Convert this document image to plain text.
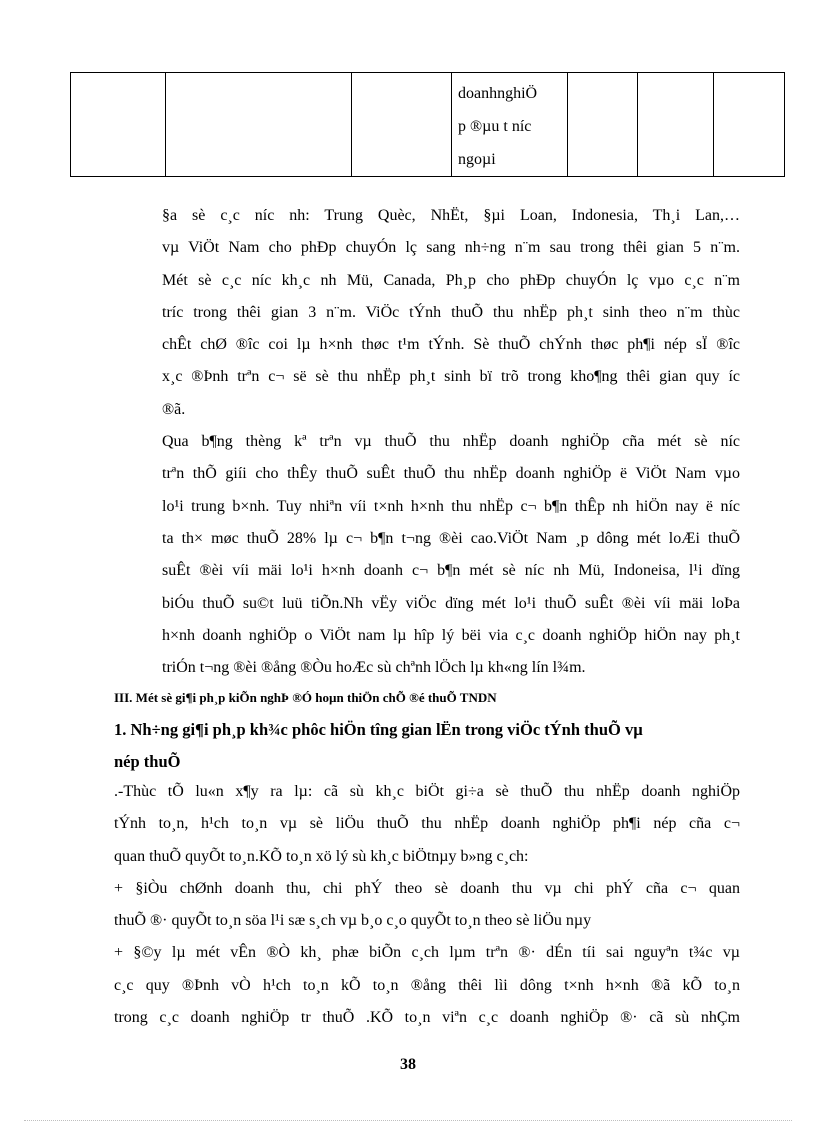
doanhnghiÖ
p ®µu t níc
ngoµi

§a sè c¸c níc nh: Trung Quèc, NhËt, §µi Loan, Indonesia, Th¸i Lan,…
vµ ViÖt Nam cho phÐp chuyÓn lç sang nh÷ng n¨m sau trong thêi gian 5 n¨m.
Mét sè c¸c níc kh¸c nh Mü, Canada, Ph¸p cho phÐp chuyÓn lç vµo c¸c n¨m
tríc trong thêi gian 3 n¨m. ViÖc tÝnh thuÕ thu nhËp ph¸t sinh theo n¨m thùc
chÊt chØ ®îc coi lµ h×nh thøc t¹m tÝnh. Sè thuÕ chÝnh thøc ph¶i nép sÏ ®îc
x¸c ®Þnh trªn c¬ së sè thu nhËp ph¸t sinh bï trõ trong kho¶ng thêi gian quy íc
®ã.
Qua b¶ng thèng kª trªn vµ thuÕ thu nhËp doanh nghiÖp cña mét sè níc
trªn thÕ giíi cho thÊy thuÕ suÊt thuÕ thu nhËp doanh nghiÖp ë ViÖt Nam vµo
lo¹i trung b×nh. Tuy nhiªn víi t×nh h×nh thu nhËp c¬ b¶n thÊp nh hiÖn nay ë níc
ta th× møc thuÕ 28% lµ c¬ b¶n t¬ng ®èi cao.ViÖt Nam ¸p dông mét loÆi thuÕ
suÊt ®èi víi mäi lo¹i h×nh doanh c¬ b¶n mét sè níc nh Mü, Indoneisa, l¹i dïng
biÓu thuÕ su©t luü tiÕn.Nh vËy viÖc dïng mét lo¹i thuÕ suÊt ®èi víi mäi loÞa
h×nh doanh nghiÖp o ViÖt nam lµ hîp lý bëi via c¸c doanh nghiÖp hiÖn nay ph¸t
triÓn t¬ng ®èi ®ång ®Òu hoÆc sù chªnh lÖch lµ kh«ng lín l¾m.
III. Mét sè gi¶i ph¸p kiÕn nghÞ ®Ó hoµn thiÖn chÕ ®é thuÕ TNDN
1. Nh÷ng gi¶i ph¸p kh¾c phôc hiÖn tîng gian lËn trong viÖc tÝnh thuÕ vµ
nép thuÕ
.-Thùc tÕ lu«n x¶y ra lµ: cã sù kh¸c biÖt gi÷a sè thuÕ thu nhËp doanh nghiÖp
tÝnh to¸n, h¹ch to¸n vµ sè liÖu thuÕ thu nhËp doanh nghiÖp ph¶i nép cña c¬
quan thuÕ quyÕt to¸n.KÕ to¸n xö lý sù kh¸c biÖtnµy b»ng c¸ch:
+ §iÒu chØnh doanh thu, chi phÝ theo sè doanh thu vµ chi phÝ cña c¬ quan
thuÕ ®· quyÕt to¸n söa l¹i sæ s¸ch vµ b¸o c¸o quyÕt to¸n theo sè liÖu nµy
+ §©y lµ mét vÊn ®Ò kh¸ phæ biÕn c¸ch lµm trªn ®· dÉn tíi sai nguyªn t¾c vµ
c¸c quy ®Þnh vÒ h¹ch to¸n kÕ to¸n ®ång thêi lìi dông t×nh h×nh ®ã kÕ to¸n
trong c¸c doanh nghiÖp tr thuÕ .KÕ to¸n viªn c¸c doanh nghiÖp ®· cã sù nhÇm
38
